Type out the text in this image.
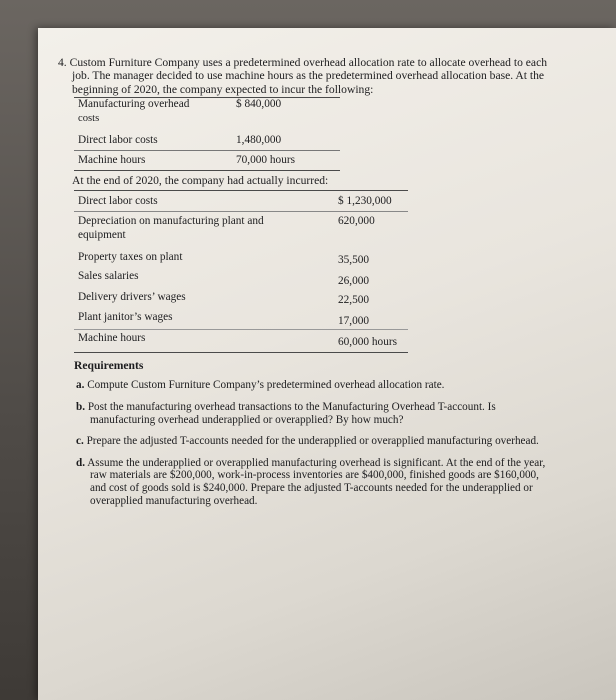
4. Custom Furniture Company uses a predetermined overhead allocation rate to allocate overhead to each job. The manager decided to use machine hours as the predetermined overhead allocation base. At the beginning of 2020, the company expected to incur the following:

Manufacturing overhead	$ 840,000
costs
Direct labor costs	1,480,000
Machine hours	70,000 hours
At the end of 2020, the company had actually incurred:
Direct labor costs	$ 1,230,000
Depreciation on manufacturing plant and	620,000
equipment
Property taxes on plant	35,500
Sales salaries	26,000
Delivery drivers’ wages	22,500
Plant janitor’s wages	17,000
Machine hours	60,000 hours
Requirements
a. Compute Custom Furniture Company’s predetermined overhead allocation rate.
b. Post the manufacturing overhead transactions to the Manufacturing Overhead T-account. Is manufacturing overhead underapplied or overapplied? By how much?
c. Prepare the adjusted T-accounts needed for the underapplied or overapplied manufacturing overhead.
d. Assume the underapplied or overapplied manufacturing overhead is significant. At the end of the year, raw materials are $200,000, work-in-process inventories are $400,000, finished goods are $160,000, and cost of goods sold is $240,000. Prepare the adjusted T-accounts needed for the underapplied or overapplied manufacturing overhead.
